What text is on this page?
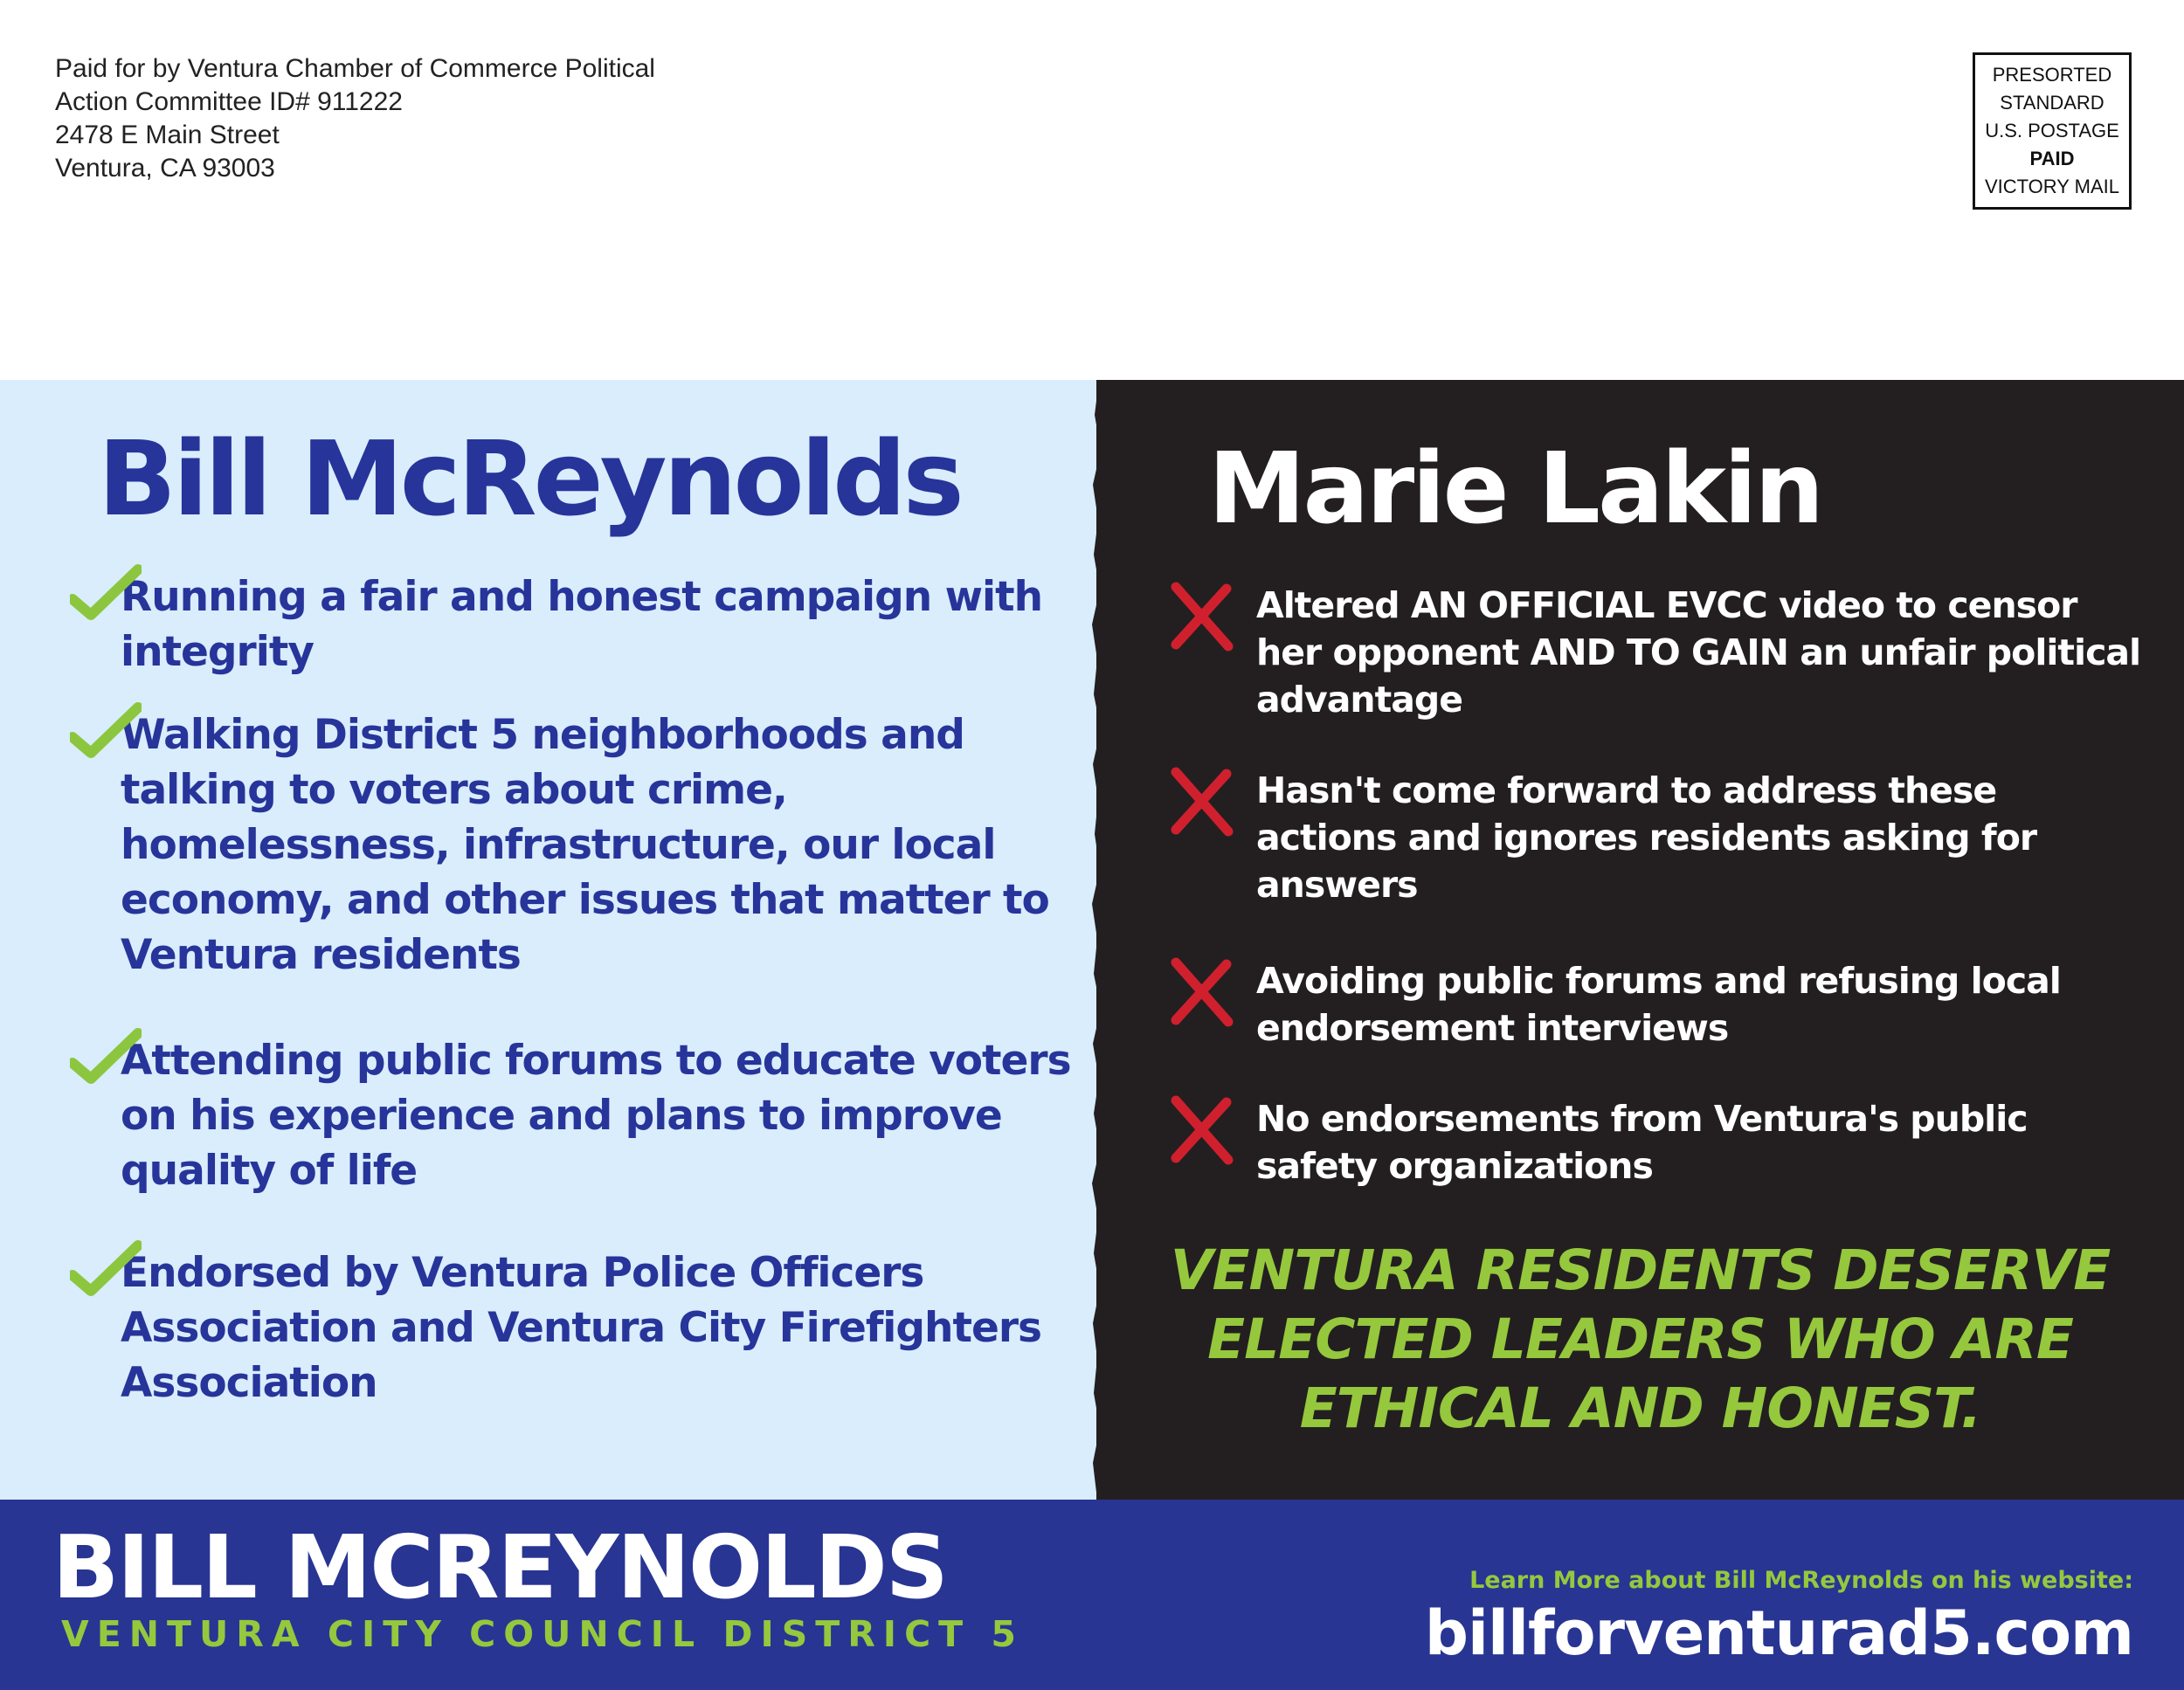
Paid for by Ventura Chamber of Commerce Political
Action Committee ID# 911222
2478 E Main Street
Ventura, CA 93003
PRESORTED
STANDARD
U.S. POSTAGE
PAID
VICTORY MAIL
Bill McReynolds
Running a fair and honest campaign with integrity
Walking District 5 neighborhoods and talking to voters about crime, homelessness, infrastructure, our local economy, and other issues that matter to Ventura residents
Attending public forums to educate voters on his experience and plans to improve quality of life
Endorsed by Ventura Police Officers Association and Ventura City Firefighters Association
Marie Lakin
Altered AN OFFICIAL EVCC video to censor her opponent AND TO GAIN an unfair political advantage
Hasn't come forward to address these actions and ignores residents asking for answers
Avoiding public forums and refusing local endorsement interviews
No endorsements from Ventura's public safety organizations
VENTURA RESIDENTS DESERVE ELECTED LEADERS WHO ARE ETHICAL AND HONEST.
BILL MCREYNOLDS
VENTURA CITY COUNCIL DISTRICT 5
Learn More about Bill McReynolds on his website:
billforventurad5.com
